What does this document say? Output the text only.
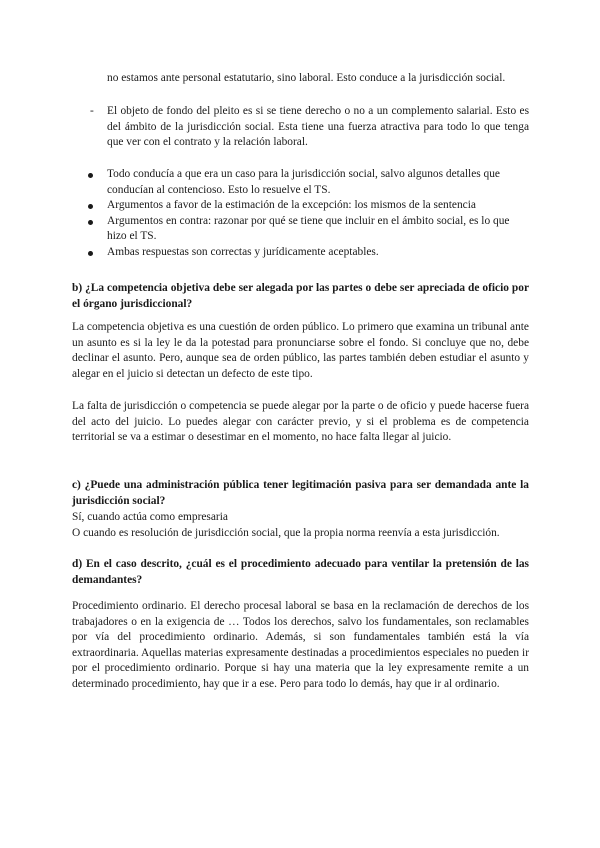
no estamos ante personal estatutario, sino laboral. Esto conduce a la jurisdicción social.

-	El objeto de fondo del pleito es si se tiene derecho o no a un complemento salarial. Esto es del ámbito de la jurisdicción social. Esta tiene una fuerza atractiva para todo lo que tenga que ver con el contrato y la relación laboral.

Todo conducía a que era un caso para la jurisdicción social, salvo algunos detalles que conducían al contencioso. Esto lo resuelve el TS.
Argumentos a favor de la estimación de la excepción: los mismos de la sentencia
Argumentos en contra: razonar por qué se tiene que incluir en el ámbito social, es lo que hizo el TS.
Ambas respuestas son correctas y jurídicamente aceptables.

b) ¿La competencia objetiva debe ser alegada por las partes o debe ser apreciada de oficio por el órgano jurisdiccional?

La competencia objetiva es una cuestión de orden público. Lo primero que examina un tribunal ante un asunto es si la ley le da la potestad para pronunciarse sobre el fondo. Si concluye que no, debe declinar el asunto. Pero, aunque sea de orden público, las partes también deben estudiar el asunto y alegar en el juicio si detectan un defecto de este tipo.

La falta de jurisdicción o competencia se puede alegar por la parte o de oficio y puede hacerse fuera del acto del juicio. Lo puedes alegar con carácter previo, y si el problema es de competencia territorial se va a estimar o desestimar en el momento, no hace falta llegar al juicio.

c) ¿Puede una administración pública tener legitimación pasiva para ser demandada ante la jurisdicción social?

Sí, cuando actúa como empresaria

O cuando es resolución de jurisdicción social, que la propia norma reenvía a esta jurisdicción.

d) En el caso descrito, ¿cuál es el procedimiento adecuado para ventilar la pretensión de las demandantes?

Procedimiento ordinario. El derecho procesal laboral se basa en la reclamación de derechos de los trabajadores o en la exigencia de … Todos los derechos, salvo los fundamentales, son reclamables por vía del procedimiento ordinario. Además, si son fundamentales también está la vía extraordinaria. Aquellas materias expresamente destinadas a procedimientos especiales no pueden ir por el procedimiento ordinario. Porque si hay una materia que la ley expresamente remite a un determinado procedimiento, hay que ir a ese. Pero para todo lo demás, hay que ir al ordinario.
